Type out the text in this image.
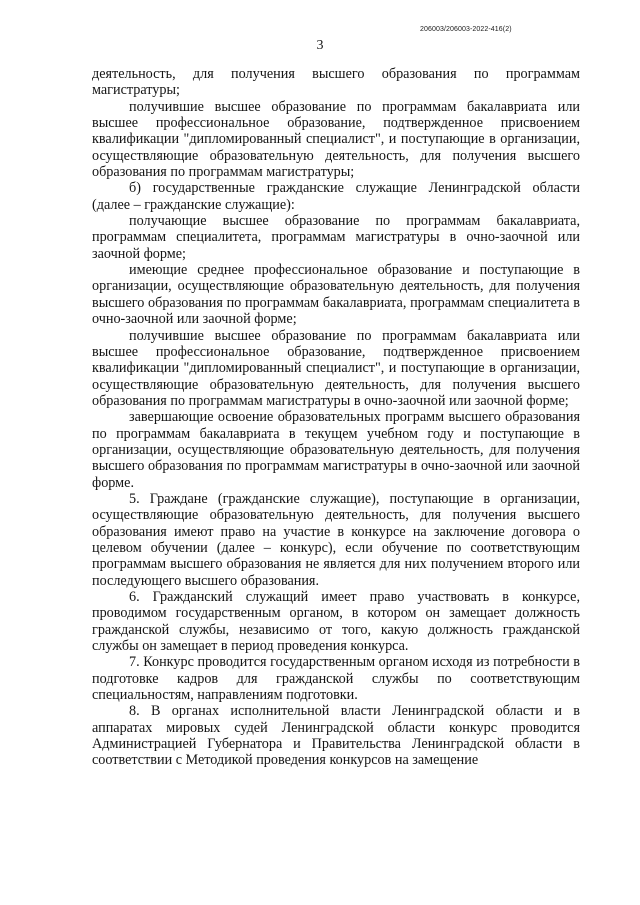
206003/206003-2022-416(2)
3

деятельность, для получения высшего образования по программам магистратуры;

получившие высшее образование по программам бакалавриата или высшее профессиональное образование, подтвержденное присвоением квалификации "дипломированный специалист", и поступающие в организации, осуществляющие образовательную деятельность, для получения высшего образования по программам магистратуры;

б) государственные гражданские служащие Ленинградской области (далее – гражданские служащие):

получающие высшее образование по программам бакалавриата, программам специалитета, программам магистратуры в очно-заочной или заочной форме;

имеющие среднее профессиональное образование и поступающие в организации, осуществляющие образовательную деятельность, для получения высшего образования по программам бакалавриата, программам специалитета в очно-заочной или заочной форме;

получившие высшее образование по программам бакалавриата или высшее профессиональное образование, подтвержденное присвоением квалификации "дипломированный специалист", и поступающие в организации, осуществляющие образовательную деятельность, для получения высшего образования по программам магистратуры в очно-заочной или заочной форме;

завершающие освоение образовательных программ высшего образования по программам бакалавриата в текущем учебном году и поступающие в организации, осуществляющие образовательную деятельность, для получения высшего образования по программам магистратуры в очно-заочной или заочной форме.

5. Граждане (гражданские служащие), поступающие в организации, осуществляющие образовательную деятельность, для получения высшего образования имеют право на участие в конкурсе на заключение договора о целевом обучении (далее – конкурс), если обучение по соответствующим программам высшего образования не является для них получением второго или последующего высшего образования.

6. Гражданский служащий имеет право участвовать в конкурсе, проводимом государственным органом, в котором он замещает должность гражданской службы, независимо от того, какую должность гражданской службы он замещает в период проведения конкурса.

7. Конкурс проводится государственным органом исходя из потребности в подготовке кадров для гражданской службы по соответствующим специальностям, направлениям подготовки.

8. В органах исполнительной власти Ленинградской области и в аппаратах мировых судей Ленинградской области конкурс проводится Администрацией Губернатора и Правительства Ленинградской области в соответствии с Методикой проведения конкурсов на замещение
